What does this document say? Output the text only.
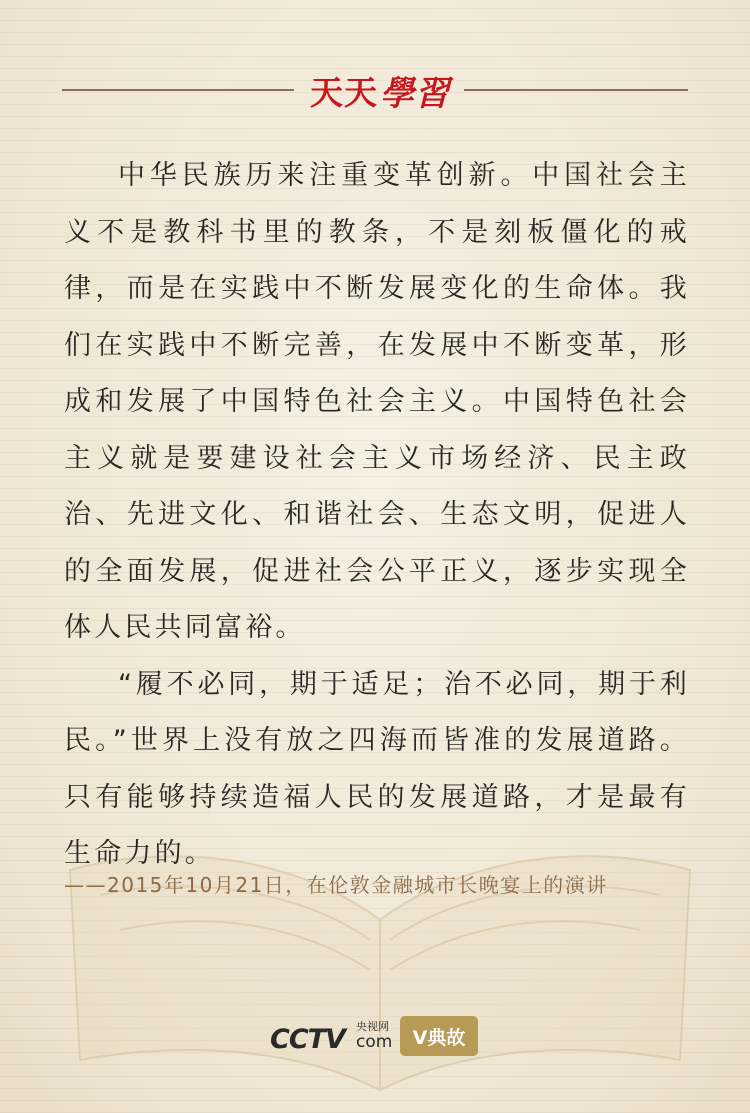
天天 學習

中华民族历来注重变革创新。中国社会主义不是教科书里的教条，不是刻板僵化的戒律，而是在实践中不断发展变化的生命体。我们在实践中不断完善，在发展中不断变革，形成和发展了中国特色社会主义。中国特色社会主义就是要建设社会主义市场经济、民主政治、先进文化、和谐社会、生态文明，促进人的全面发展，促进社会公平正义，逐步实现全体人民共同富裕。

“履不必同，期于适足；治不必同，期于利民。”世界上没有放之四海而皆准的发展道路。只有能够持续造福人民的发展道路，才是最有生命力的。

——2015年10月21日，在伦敦金融城市长晚宴上的演讲
CCTV 央视网
com	V典故
